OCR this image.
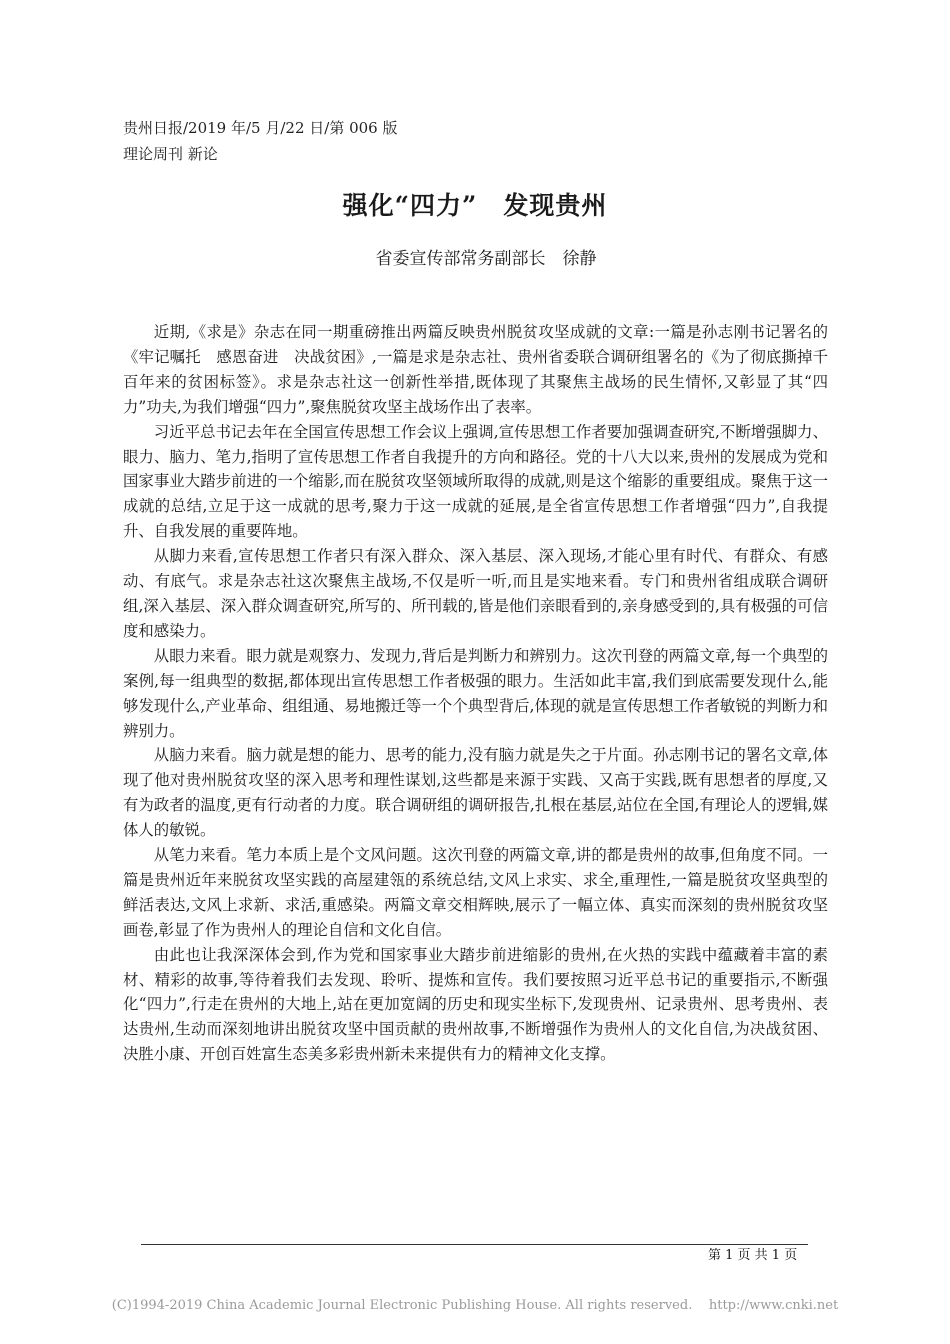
贵州日报/2019 年/5 月/22 日/第 006 版
理论周刊 新论
强化“四力”　发现贵州
省委宣传部常务副部长　徐静

近期,《求是》杂志在同一期重磅推出两篇反映贵州脱贫攻坚成就的文章:一篇是孙志刚书记署名的《牢记嘱托　感恩奋进　决战贫困》,一篇是求是杂志社、贵州省委联合调研组署名的《为了彻底撕掉千百年来的贫困标签》。求是杂志社这一创新性举措,既体现了其聚焦主战场的民生情怀,又彰显了其“四力”功夫,为我们增强“四力”,聚焦脱贫攻坚主战场作出了表率。

习近平总书记去年在全国宣传思想工作会议上强调,宣传思想工作者要加强调查研究,不断增强脚力、眼力、脑力、笔力,指明了宣传思想工作者自我提升的方向和路径。党的十八大以来,贵州的发展成为党和国家事业大踏步前进的一个缩影,而在脱贫攻坚领域所取得的成就,则是这个缩影的重要组成。聚焦于这一成就的总结,立足于这一成就的思考,聚力于这一成就的延展,是全省宣传思想工作者增强“四力”,自我提升、自我发展的重要阵地。

从脚力来看,宣传思想工作者只有深入群众、深入基层、深入现场,才能心里有时代、有群众、有感动、有底气。求是杂志社这次聚焦主战场,不仅是听一听,而且是实地来看。专门和贵州省组成联合调研组,深入基层、深入群众调查研究,所写的、所刊载的,皆是他们亲眼看到的,亲身感受到的,具有极强的可信度和感染力。

从眼力来看。眼力就是观察力、发现力,背后是判断力和辨别力。这次刊登的两篇文章,每一个典型的案例,每一组典型的数据,都体现出宣传思想工作者极强的眼力。生活如此丰富,我们到底需要发现什么,能够发现什么,产业革命、组组通、易地搬迁等一个个典型背后,体现的就是宣传思想工作者敏锐的判断力和辨别力。

从脑力来看。脑力就是想的能力、思考的能力,没有脑力就是失之于片面。孙志刚书记的署名文章,体现了他对贵州脱贫攻坚的深入思考和理性谋划,这些都是来源于实践、又高于实践,既有思想者的厚度,又有为政者的温度,更有行动者的力度。联合调研组的调研报告,扎根在基层,站位在全国,有理论人的逻辑,媒体人的敏锐。

从笔力来看。笔力本质上是个文风问题。这次刊登的两篇文章,讲的都是贵州的故事,但角度不同。一篇是贵州近年来脱贫攻坚实践的高屋建瓴的系统总结,文风上求实、求全,重理性,一篇是脱贫攻坚典型的鲜活表达,文风上求新、求活,重感染。两篇文章交相辉映,展示了一幅立体、真实而深刻的贵州脱贫攻坚画卷,彰显了作为贵州人的理论自信和文化自信。

由此也让我深深体会到,作为党和国家事业大踏步前进缩影的贵州,在火热的实践中蕴藏着丰富的素材、精彩的故事,等待着我们去发现、聆听、提炼和宣传。我们要按照习近平总书记的重要指示,不断强化“四力”,行走在贵州的大地上,站在更加宽阔的历史和现实坐标下,发现贵州、记录贵州、思考贵州、表达贵州,生动而深刻地讲出脱贫攻坚中国贡献的贵州故事,不断增强作为贵州人的文化自信,为决战贫困、决胜小康、开创百姓富生态美多彩贵州新未来提供有力的精神文化支撑。

第 1 页 共 1 页
(C)1994-2019 China Academic Journal Electronic Publishing House. All rights reserved.    http://www.cnki.net
